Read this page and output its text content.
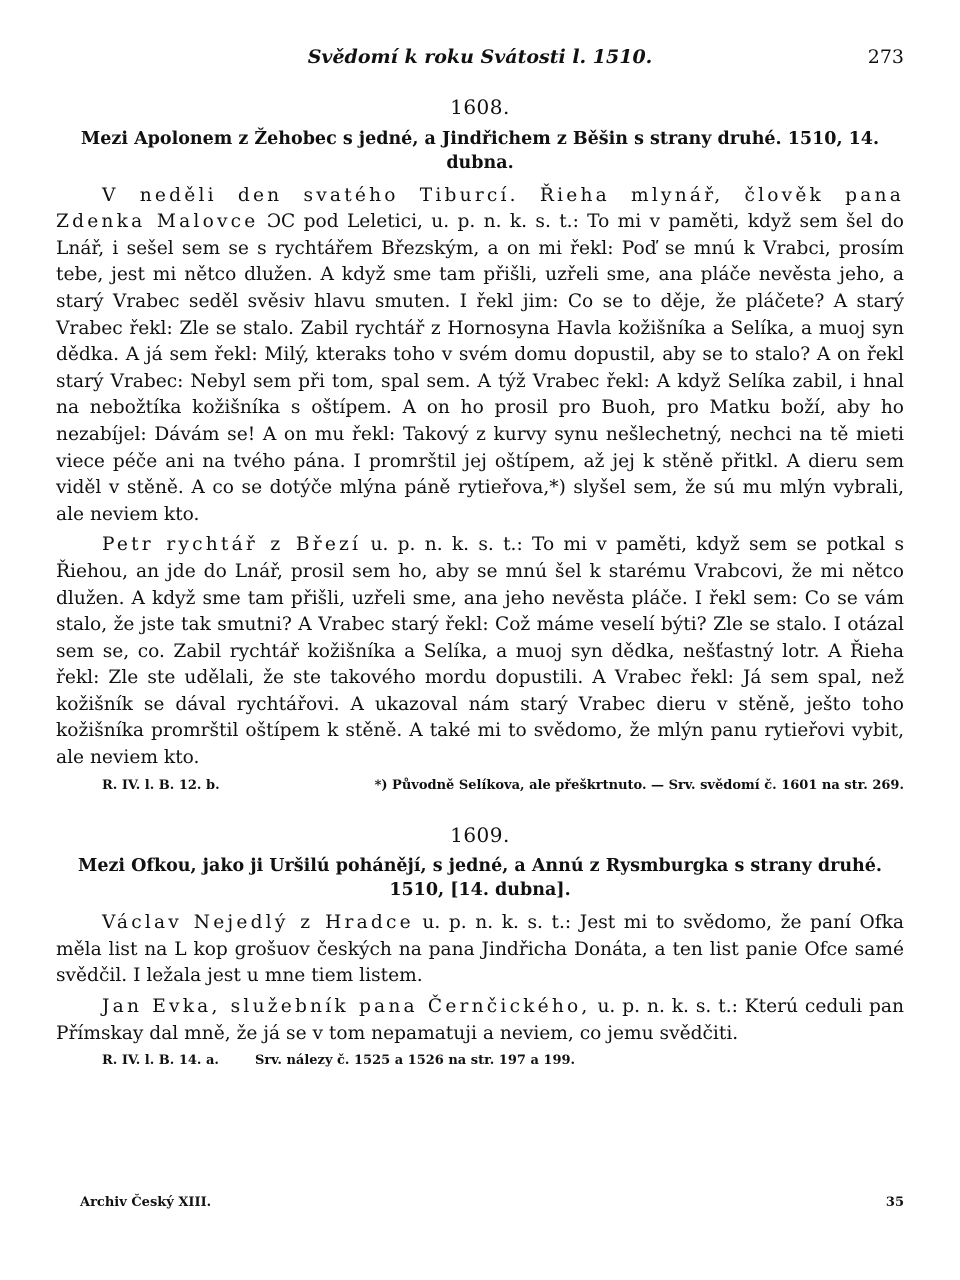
Svědomí k roku Svátosti l. 1510.	273
1608.
Mezi Apolonem z Žehobec s jedné, a Jindřichem z Běšin s strany druhé. 1510, 14. dubna.

V neděli den svatého Tiburcí. Řieha mlynář, člověk pana Zdenka Malovce ƆC pod Leletici, u. p. n. k. s. t.: To mi v paměti, když sem šel do Lnář, i sešel sem se s rychtářem Březským, a on mi řekl: Poď se mnú k Vrabci, prosím tebe, jest mi nětco dlužen. A když sme tam přišli, uzřeli sme, ana pláče nevěsta jeho, a starý Vrabec seděl svěsiv hlavu smuten. I řekl jim: Co se to děje, že pláčete? A starý Vrabec řekl: Zle se stalo. Zabil rychtář z Hornosyna Havla kožišníka a Selíka, a muoj syn dědka. A já sem řekl: Milý, kteraks toho v svém domu dopustil, aby se to stalo? A on řekl starý Vrabec: Nebyl sem při tom, spal sem. A týž Vrabec řekl: A když Selíka zabil, i hnal na nebožtíka kožišníka s oštípem. A on ho prosil pro Buoh, pro Matku boží, aby ho nezabíjel: Dávám se! A on mu řekl: Takový z kurvy synu nešlechetný, nechci na tě mieti viece péče ani na tvého pána. I promrštil jej oštípem, až jej k stěně přitkl. A dieru sem viděl v stěně. A co se dotýče mlýna páně rytieřova,*) slyšel sem, že sú mu mlýn vybrali, ale neviem kto.

Petr rychtář z Březí u. p. n. k. s. t.: To mi v paměti, když sem se potkal s Řiehou, an jde do Lnář, prosil sem ho, aby se mnú šel k starému Vrabcovi, že mi nětco dlužen. A když sme tam přišli, uzřeli sme, ana jeho nevěsta pláče. I řekl sem: Co se vám stalo, že jste tak smutni? A Vrabec starý řekl: Což máme veselí býti? Zle se stalo. I otázal sem se, co. Zabil rychtář kožišníka a Selíka, a muoj syn dědka, nešťastný lotr. A Řieha řekl: Zle ste udělali, že ste takového mordu dopustili. A Vrabec řekl: Já sem spal, než kožišník se dával rychtářovi. A ukazoval nám starý Vrabec dieru v stěně, ješto toho kožišníka promrštil oštípem k stěně. A také mi to svědomo, že mlýn panu rytieřovi vybit, ale neviem kto.

R. IV. l. B. 12. b.	*) Původně Selíkova, ale přeškrtnuto. — Srv. svědomí č. 1601 na str. 269.
1609.
Mezi Ofkou, jako ji Uršilú pohánějí, s jedné, a Annú z Rysmburgka s strany druhé. 1510, [14. dubna].

Václav Nejedlý z Hradce u. p. n. k. s. t.: Jest mi to svědomo, že paní Ofka měla list na L kop grošuov českých na pana Jindřicha Donáta, a ten list panie Ofce samé svědčil. I ležala jest u mne tiem listem.

Jan Evka, služebník pana Černčického, u. p. n. k. s. t.: Kterú ceduli pan Přímskay dal mně, že já se v tom nepamatuji a neviem, co jemu svědčiti.

R. IV. l. B. 14. a.	Srv. nálezy č. 1525 a 1526 na str. 197 a 199.
Archiv Český XIII.	35
